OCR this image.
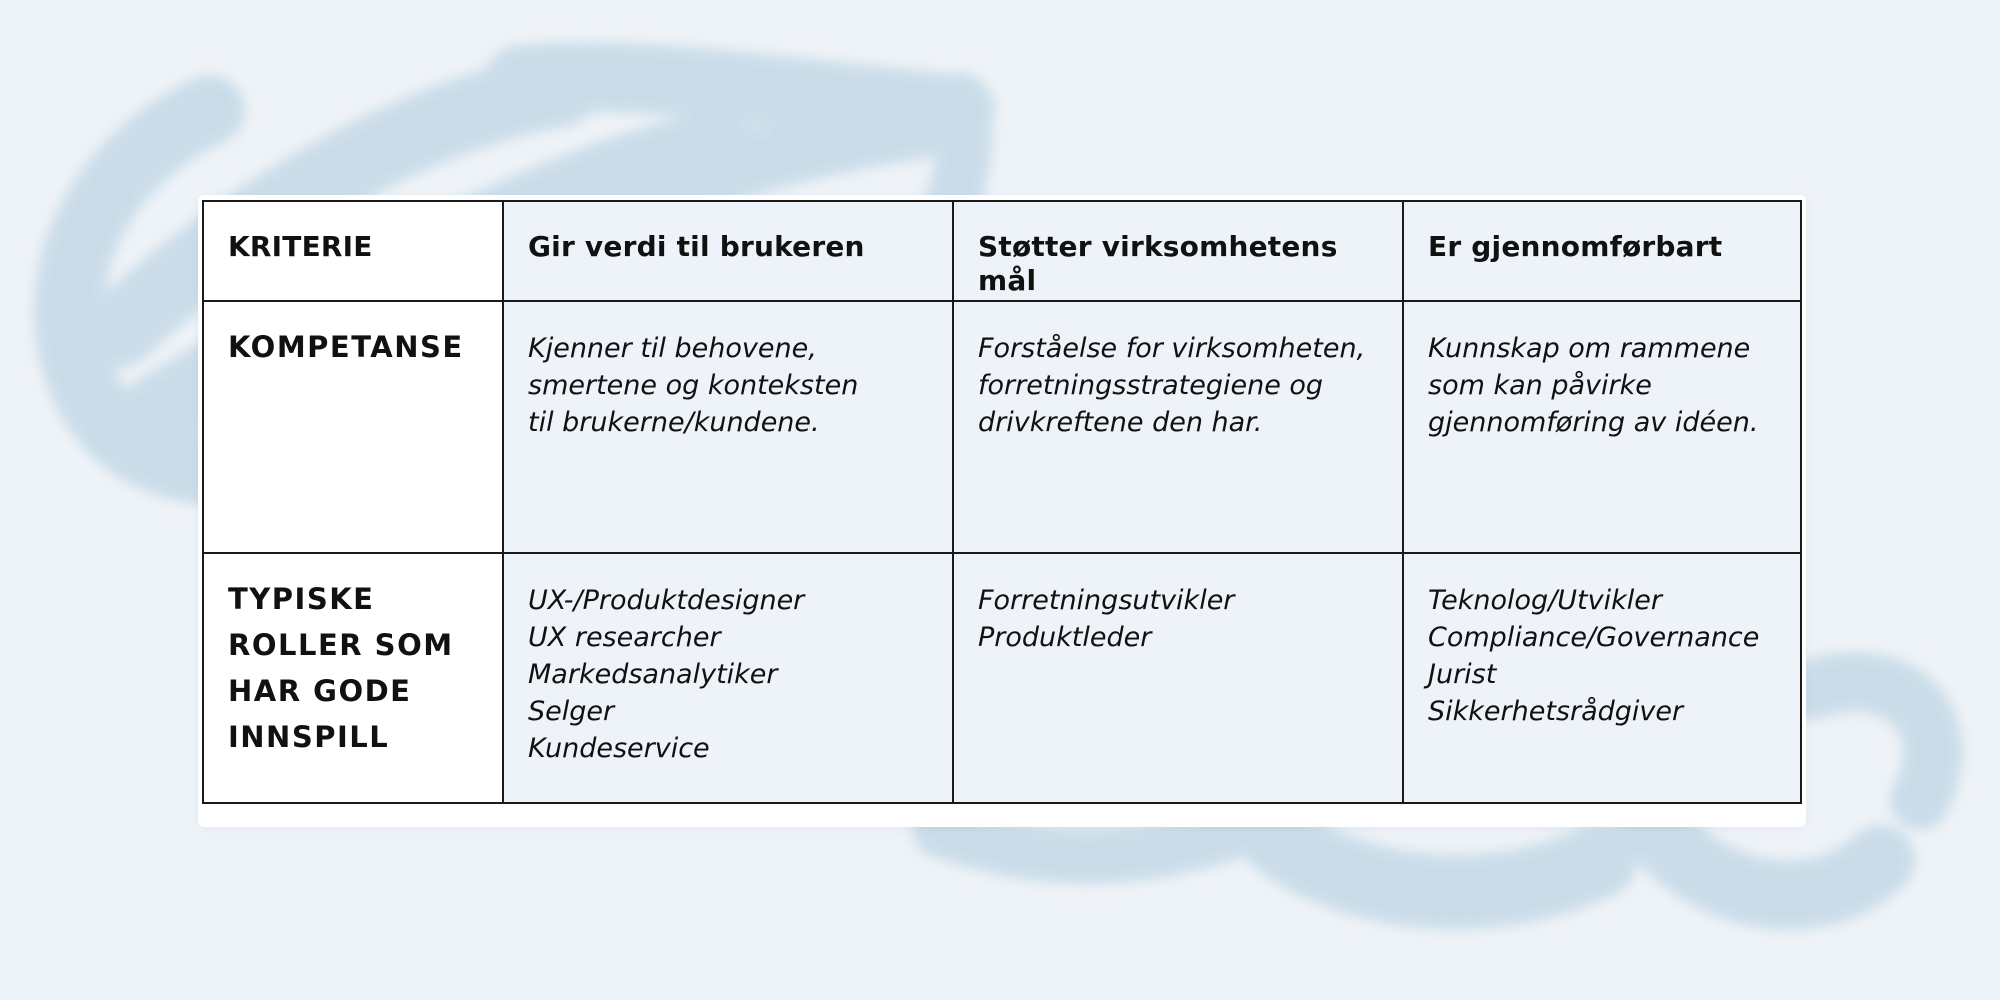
KRITERIE	Gir verdi til brukeren	Støtter virksomhetens mål	Er gjennomførbart

KOMPETANSE	Kjenner til behovene,
smertene og konteksten
til brukerne/kundene.	Forståelse for virksomheten,
forretningsstrategiene og
drivkreftene den har.	Kunnskap om rammene
som kan påvirke
gjennomføring av idéen.

TYPISKE ROLLER SOM HAR GODE INNSPILL	UX-/Produktdesigner
UX researcher
Markedsanalytiker
Selger
Kundeservice	Forretningsutvikler
Produktleder	Teknolog/Utvikler
Compliance/Governance
Jurist
Sikkerhetsrådgiver
